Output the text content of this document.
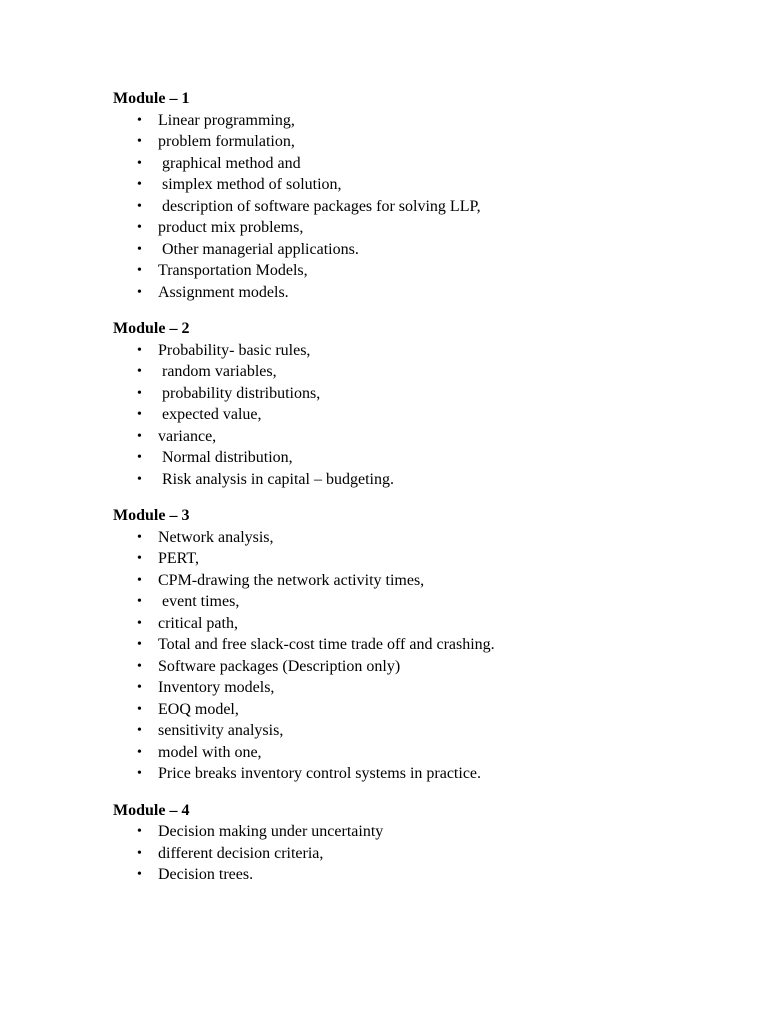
Module – 1
• Linear programming,
• problem formulation,
• graphical method and
• simplex method of solution,
• description of software packages for solving LLP,
• product mix problems,
• Other managerial applications.
• Transportation Models,
• Assignment models.
Module – 2
• Probability- basic rules,
• random variables,
• probability distributions,
• expected value,
• variance,
• Normal distribution,
• Risk analysis in capital – budgeting.
Module – 3
• Network analysis,
• PERT,
• CPM-drawing the network activity times,
• event times,
• critical path,
• Total and free slack-cost time trade off and crashing.
• Software packages (Description only)
• Inventory models,
• EOQ model,
• sensitivity analysis,
• model with one,
• Price breaks inventory control systems in practice.
Module – 4
• Decision making under uncertainty
• different decision criteria,
• Decision trees.
